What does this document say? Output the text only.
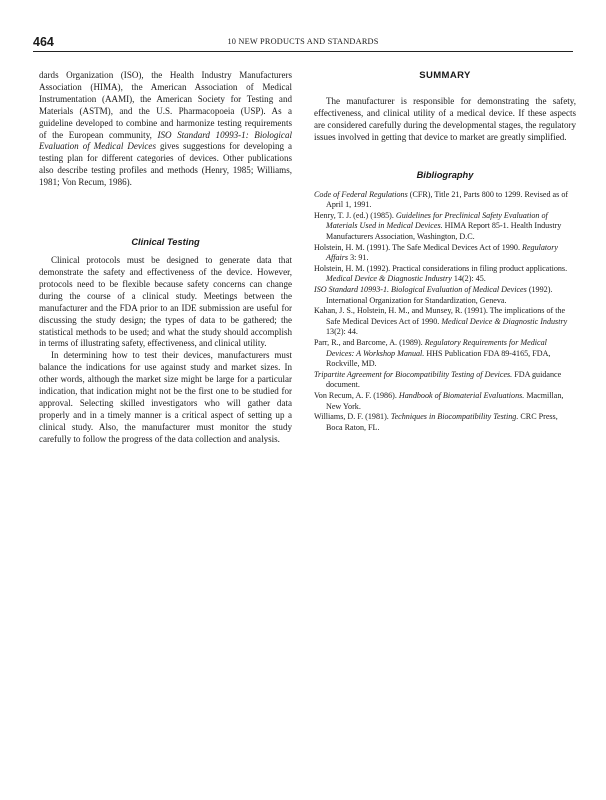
464	10 NEW PRODUCTS AND STANDARDS

dards Organization (ISO), the Health Industry Manufacturers Association (HIMA), the American Association of Medical Instrumentation (AAMI), the American Society for Testing and Materials (ASTM), and the U.S. Pharmacopoeia (USP). As a guideline developed to combine and harmonize testing requirements of the European community, ISO Standard 10993-1: Biological Evaluation of Medical Devices gives suggestions for developing a testing plan for different categories of devices. Other publications also describe testing profiles and methods (Henry, 1985; Williams, 1981; Von Recum, 1986).

Clinical Testing

Clinical protocols must be designed to generate data that demonstrate the safety and effectiveness of the device. However, protocols need to be flexible because safety concerns can change during the course of a clinical study. Meetings between the manufacturer and the FDA prior to an IDE submission are useful for discussing the study design; the types of data to be gathered; the statistical methods to be used; and what the study should accomplish in terms of illustrating safety, effectiveness, and clinical utility.

In determining how to test their devices, manufacturers must balance the indications for use against study and market sizes. In other words, although the market size might be large for a particular indication, that indication might not be the first one to be studied for approval. Selecting skilled investigators who will gather data properly and in a timely manner is a critical aspect of setting up a clinical study. Also, the manufacturer must monitor the study carefully to follow the progress of the data collection and analysis.

SUMMARY

The manufacturer is responsible for demonstrating the safety, effectiveness, and clinical utility of a medical device. If these aspects are considered carefully during the developmental stages, the regulatory issues involved in getting that device to market are greatly simplified.

Bibliography
Code of Federal Regulations (CFR), Title 21, Parts 800 to 1299. Revised as of April 1, 1991.
Henry, T. J. (ed.) (1985). Guidelines for Preclinical Safety Evaluation of Materials Used in Medical Devices. HIMA Report 85-1. Health Industry Manufacturers Association, Washington, D.C.
Holstein, H. M. (1991). The Safe Medical Devices Act of 1990. Regulatory Affairs 3: 91.
Holstein, H. M. (1992). Practical considerations in filing product applications. Medical Device & Diagnostic Industry 14(2): 45.
ISO Standard 10993-1. Biological Evaluation of Medical Devices (1992). International Organization for Standardization, Geneva.
Kahan, J. S., Holstein, H. M., and Munsey, R. (1991). The implications of the Safe Medical Devices Act of 1990. Medical Device & Diagnostic Industry 13(2): 44.
Parr, R., and Barcome, A. (1989). Regulatory Requirements for Medical Devices: A Workshop Manual. HHS Publication FDA 89-4165, FDA, Rockville, MD.
Tripartite Agreement for Biocompatibility Testing of Devices. FDA guidance document.
Von Recum, A. F. (1986). Handbook of Biomaterial Evaluations. Macmillan, New York.
Williams, D. F. (1981). Techniques in Biocompatibility Testing. CRC Press, Boca Raton, FL.
